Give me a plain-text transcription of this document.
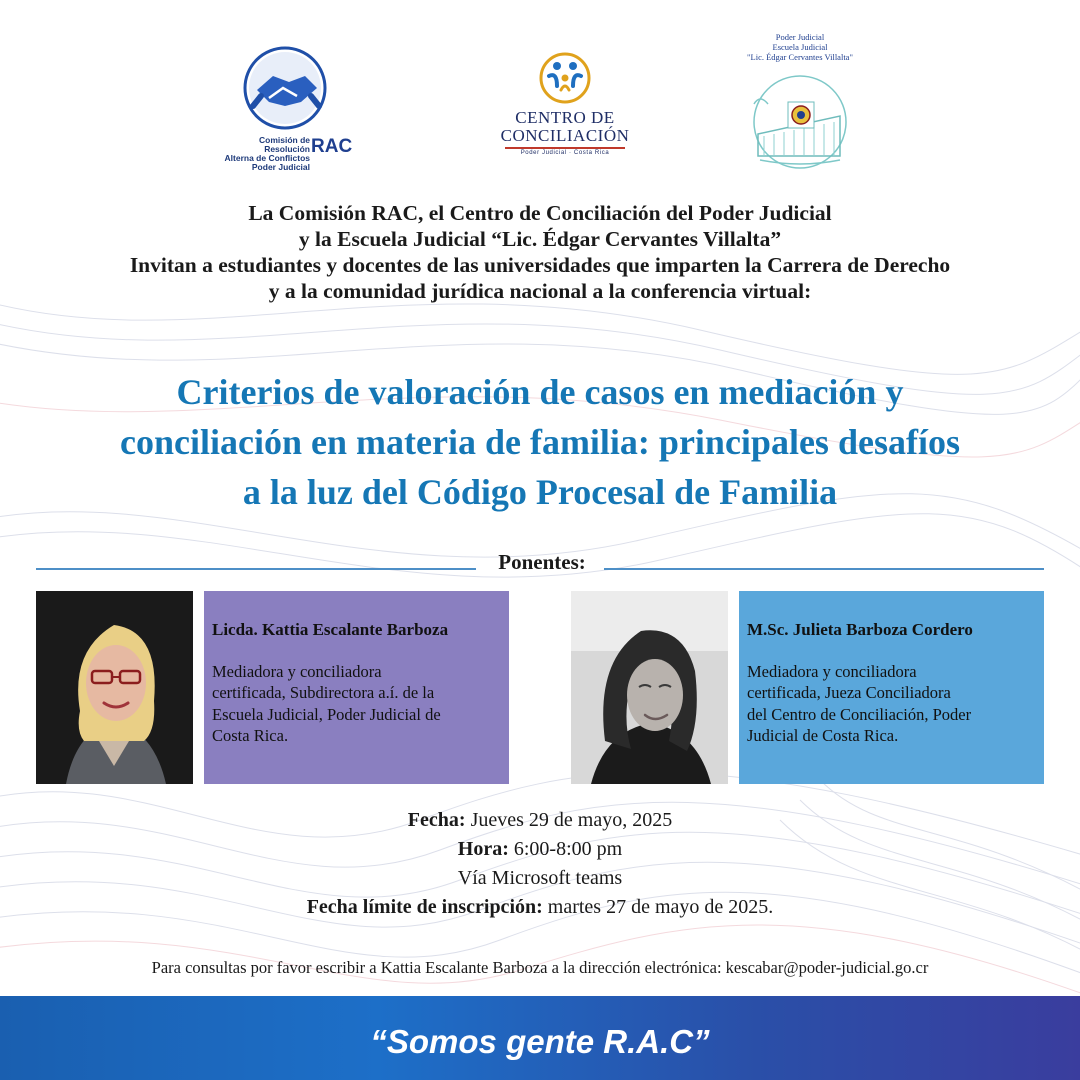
Comisión de Resolución
Alterna de Conflictos
Poder Judicial
RAC
CENTRO DE
CONCILIACIÓN
Poder Judicial · Costa Rica
Poder Judicial
Escuela Judicial
"Lic. Édgar Cervantes Villalta"
La Comisión RAC, el Centro de Conciliación del Poder Judicial
y la Escuela Judicial “Lic. Édgar Cervantes Villalta”
Invitan a estudiantes y docentes de las universidades que imparten la Carrera de Derecho
y a la comunidad jurídica nacional a la conferencia virtual:
Criterios de valoración de casos en mediación y
conciliación en materia de familia: principales desafíos
a la luz del Código Procesal de Familia
Ponentes:
Licda. Kattia Escalante Barboza
Mediadora y conciliadora
certificada, Subdirectora a.í. de la
Escuela Judicial, Poder Judicial de
Costa Rica.
M.Sc. Julieta Barboza Cordero
Mediadora y conciliadora
certificada, Jueza Conciliadora
del Centro de Conciliación, Poder
Judicial de Costa Rica.
Fecha: Jueves 29 de mayo, 2025
Hora: 6:00-8:00 pm
Vía Microsoft teams
Fecha límite de inscripción: martes 27 de mayo de 2025.
Para consultas por favor escribir a Kattia Escalante Barboza a la dirección electrónica: kescabar@poder-judicial.go.cr
“Somos gente R.A.C”
